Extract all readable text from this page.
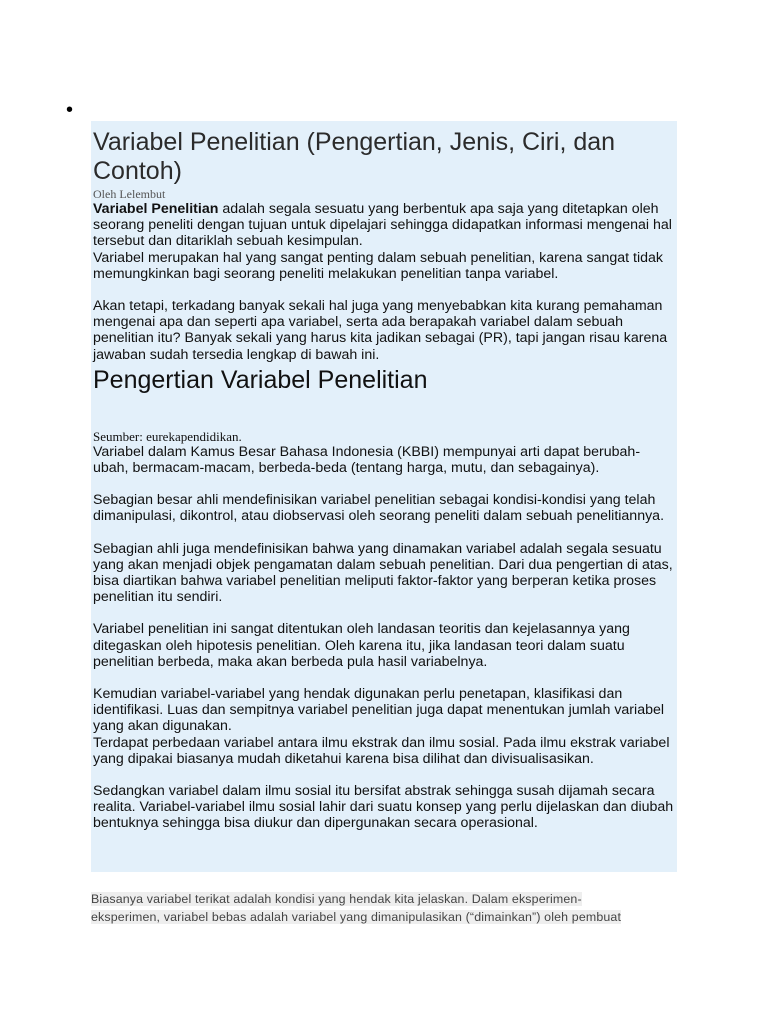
•
Variabel Penelitian (Pengertian, Jenis, Ciri, dan Contoh)
Oleh Lelembut

Variabel Penelitian adalah segala sesuatu yang berbentuk apa saja yang ditetapkan oleh seorang peneliti dengan tujuan untuk dipelajari sehingga didapatkan informasi mengenai hal tersebut dan ditariklah sebuah kesimpulan.

Variabel merupakan hal yang sangat penting dalam sebuah penelitian, karena sangat tidak memungkinkan bagi seorang peneliti melakukan penelitian tanpa variabel.

Akan tetapi, terkadang banyak sekali hal juga yang menyebabkan kita kurang pemahaman mengenai apa dan seperti apa variabel, serta ada berapakah variabel dalam sebuah penelitian itu? Banyak sekali yang harus kita jadikan sebagai (PR), tapi jangan risau karena jawaban sudah tersedia lengkap di bawah ini.

Pengertian Variabel Penelitian
Seumber: eurekapendidikan.

Variabel dalam Kamus Besar Bahasa Indonesia (KBBI) mempunyai arti dapat berubah-ubah, bermacam-macam, berbeda-beda (tentang harga, mutu, dan sebagainya).

Sebagian besar ahli mendefinisikan variabel penelitian sebagai kondisi-kondisi yang telah dimanipulasi, dikontrol, atau diobservasi oleh seorang peneliti dalam sebuah penelitiannya.

Sebagian ahli juga mendefinisikan bahwa yang dinamakan variabel adalah segala sesuatu yang akan menjadi objek pengamatan dalam sebuah penelitian. Dari dua pengertian di atas, bisa diartikan bahwa variabel penelitian meliputi faktor-faktor yang berperan ketika proses penelitian itu sendiri.

Variabel penelitian ini sangat ditentukan oleh landasan teoritis dan kejelasannya yang ditegaskan oleh hipotesis penelitian. Oleh karena itu, jika landasan teori dalam suatu penelitian berbeda, maka akan berbeda pula hasil variabelnya.

Kemudian variabel-variabel yang hendak digunakan perlu penetapan, klasifikasi dan identifikasi. Luas dan sempitnya variabel penelitian juga dapat menentukan jumlah variabel yang akan digunakan.

Terdapat perbedaan variabel antara ilmu ekstrak dan ilmu sosial. Pada ilmu ekstrak variabel yang dipakai biasanya mudah diketahui karena bisa dilihat dan divisualisasikan.

Sedangkan variabel dalam ilmu sosial itu bersifat abstrak sehingga susah dijamah secara realita. Variabel-variabel ilmu sosial lahir dari suatu konsep yang perlu dijelaskan dan diubah bentuknya sehingga bisa diukur dan dipergunakan secara operasional.

Biasanya variabel terikat adalah kondisi yang hendak kita jelaskan. Dalam eksperimen-
eksperimen, variabel bebas adalah variabel yang dimanipulasikan (“dimainkan”) oleh pembuat
